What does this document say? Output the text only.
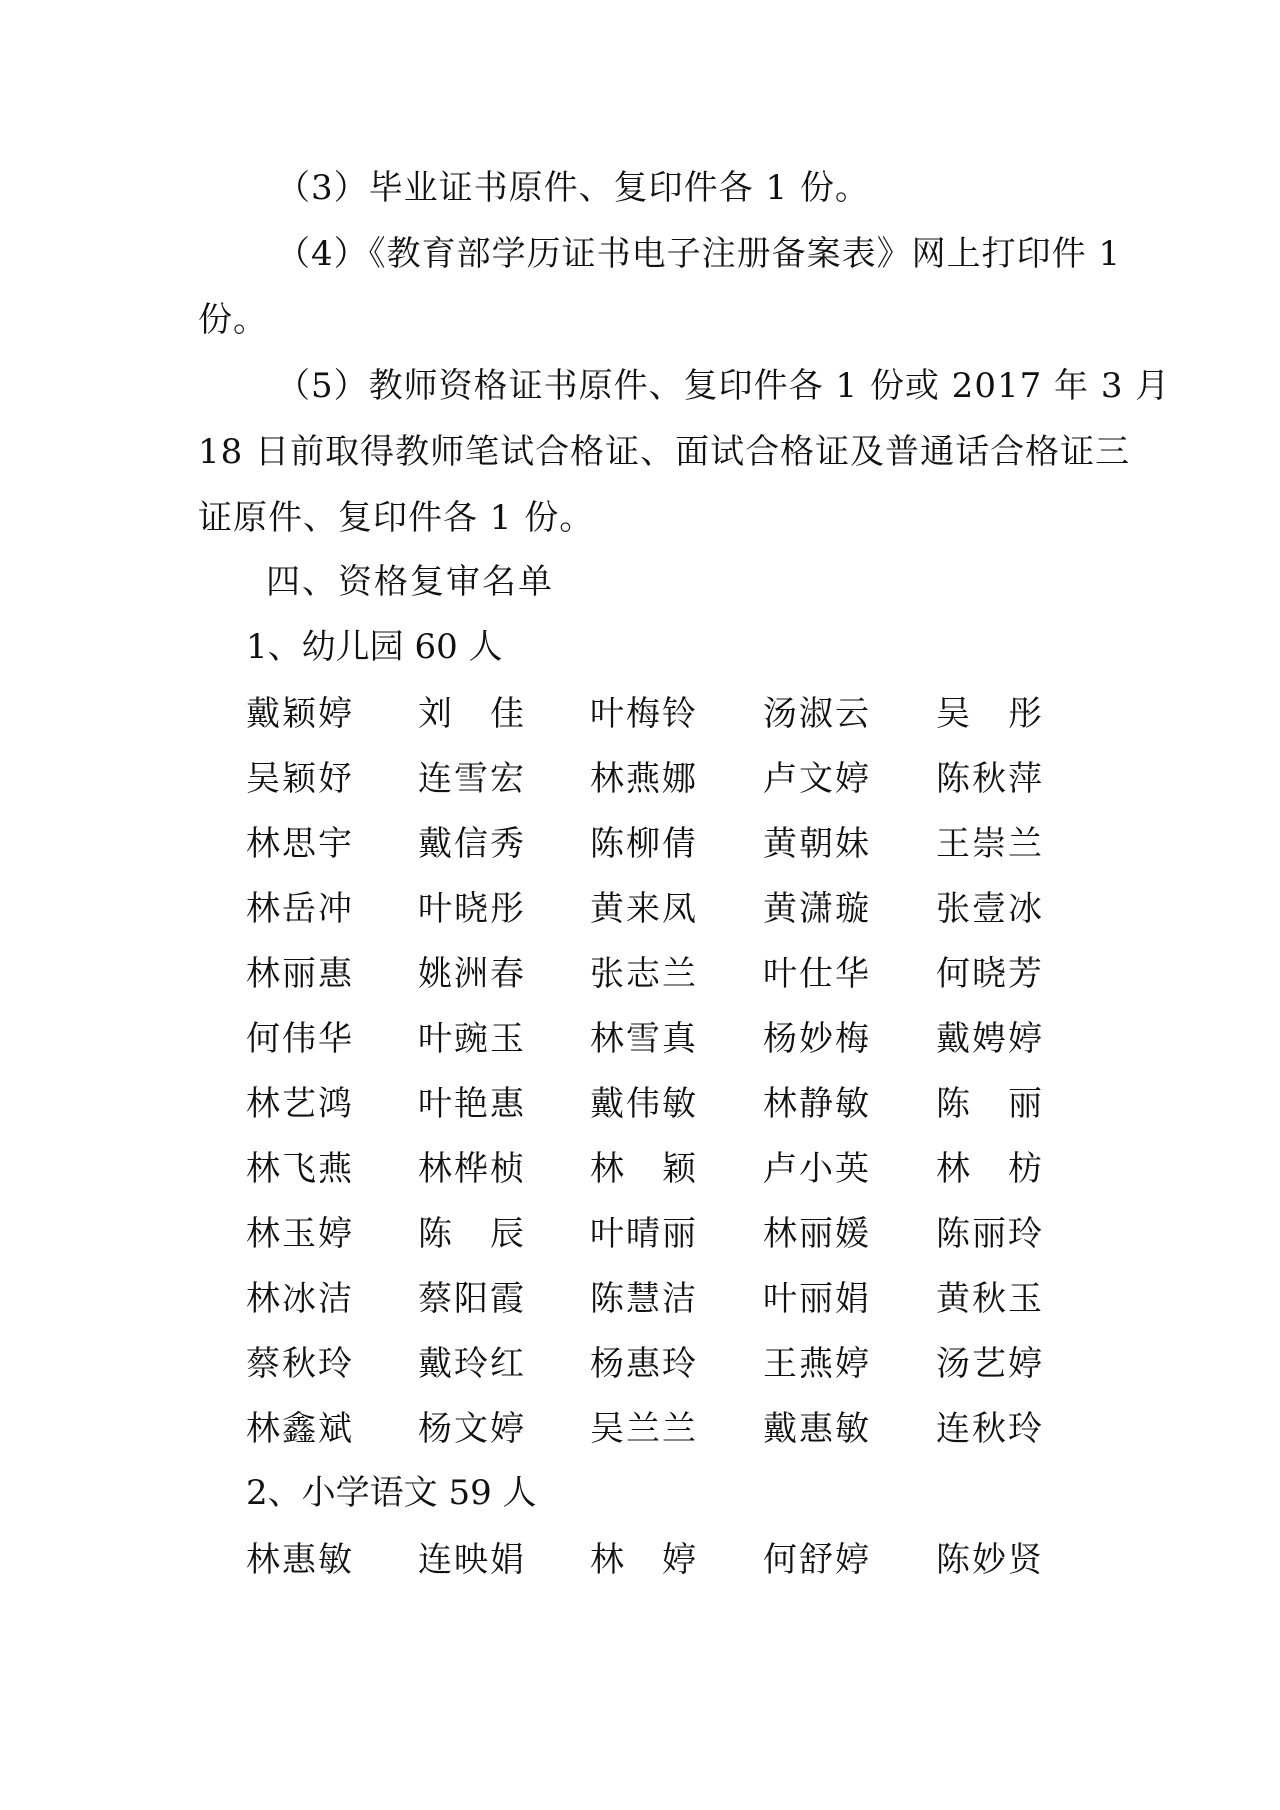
（3）毕业证书原件、复印件各 1 份。
（4）《教育部学历证书电子注册备案表》网上打印件 1
份。
（5）教师资格证书原件、复印件各 1 份或 2017 年 3 月
18 日前取得教师笔试合格证、面试合格证及普通话合格证三
证原件、复印件各 1 份。
四、资格复审名单
1、幼儿园 60 人
戴颖婷 刘佳 叶梅铃 汤淑云 吴彤
吴颖妤 连雪宏 林燕娜 卢文婷 陈秋萍
林思宇 戴信秀 陈柳倩 黄朝妹 王崇兰
林岳冲 叶晓彤 黄来凤 黄潇璇 张壹冰
林丽惠 姚洲春 张志兰 叶仕华 何晓芳
何伟华 叶豌玉 林雪真 杨妙梅 戴娉婷
林艺鸿 叶艳惠 戴伟敏 林静敏 陈丽
林飞燕 林桦桢 林颖 卢小英 林枋
林玉婷 陈辰 叶晴丽 林丽媛 陈丽玲
林冰洁 蔡阳霞 陈慧洁 叶丽娟 黄秋玉
蔡秋玲 戴玲红 杨惠玲 王燕婷 汤艺婷
林鑫斌 杨文婷 吴兰兰 戴惠敏 连秋玲
2、小学语文 59 人
林惠敏 连映娟 林婷 何舒婷 陈妙贤
